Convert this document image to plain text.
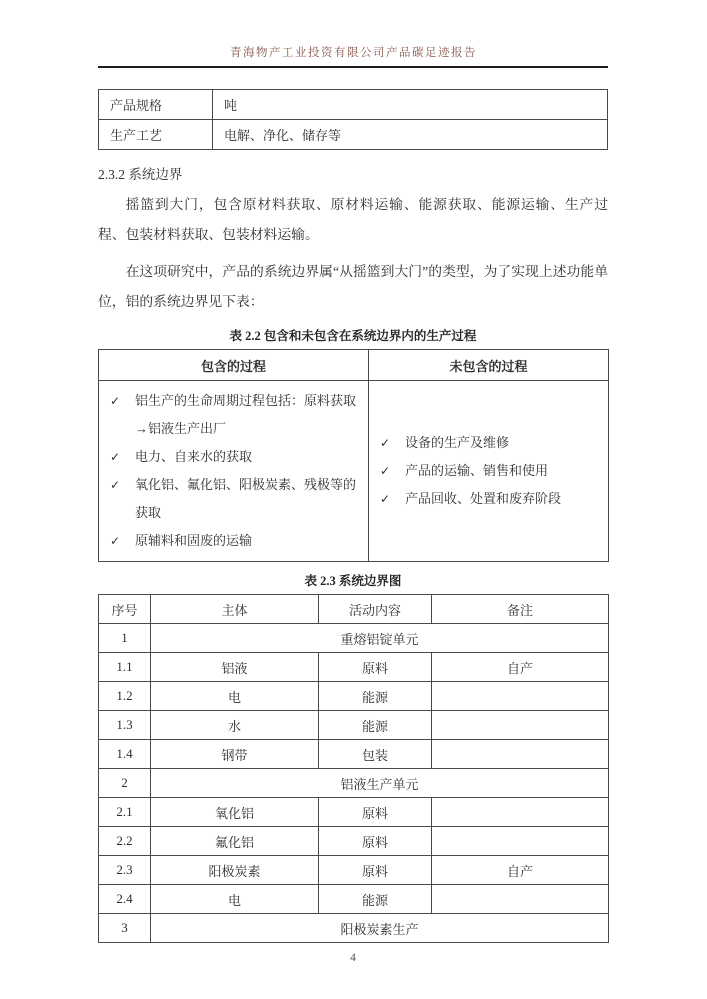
青海物产工业投资有限公司产品碳足迹报告
产品规格	吨
生产工艺	电解、净化、储存等
2.3.2 系统边界

摇篮到大门，包含原材料获取、原材料运输、能源获取、能源运输、生产过程、包装材料获取、包装材料运输。

在这项研究中，产品的系统边界属“从摇篮到大门”的类型，为了实现上述功能单位，铝的系统边界见下表：

表 2.2 包含和未包含在系统边界内的生产过程
包含的过程	未包含的过程

✓ 铝生产的生命周期过程包括：原料获取→铝液生产出厂
✓ 电力、自来水的获取
✓ 氧化铝、氟化铝、阳极炭素、残极等的获取
✓ 原辅料和固废的运输

✓ 设备的生产及维修
✓ 产品的运输、销售和使用
✓ 产品回收、处置和废弃阶段
表 2.3 系统边界图
序号	主体	活动内容	备注
1	重熔铝锭单元		
1.1	铝液	原料	自产
1.2	电	能源	
1.3	水	能源	
1.4	钢带	包装	
2	铝液生产单元		
2.1	氧化铝	原料	
2.2	氟化铝	原料	
2.3	阳极炭素	原料	自产
2.4	电	能源	
3	阳极炭素生产		
4
